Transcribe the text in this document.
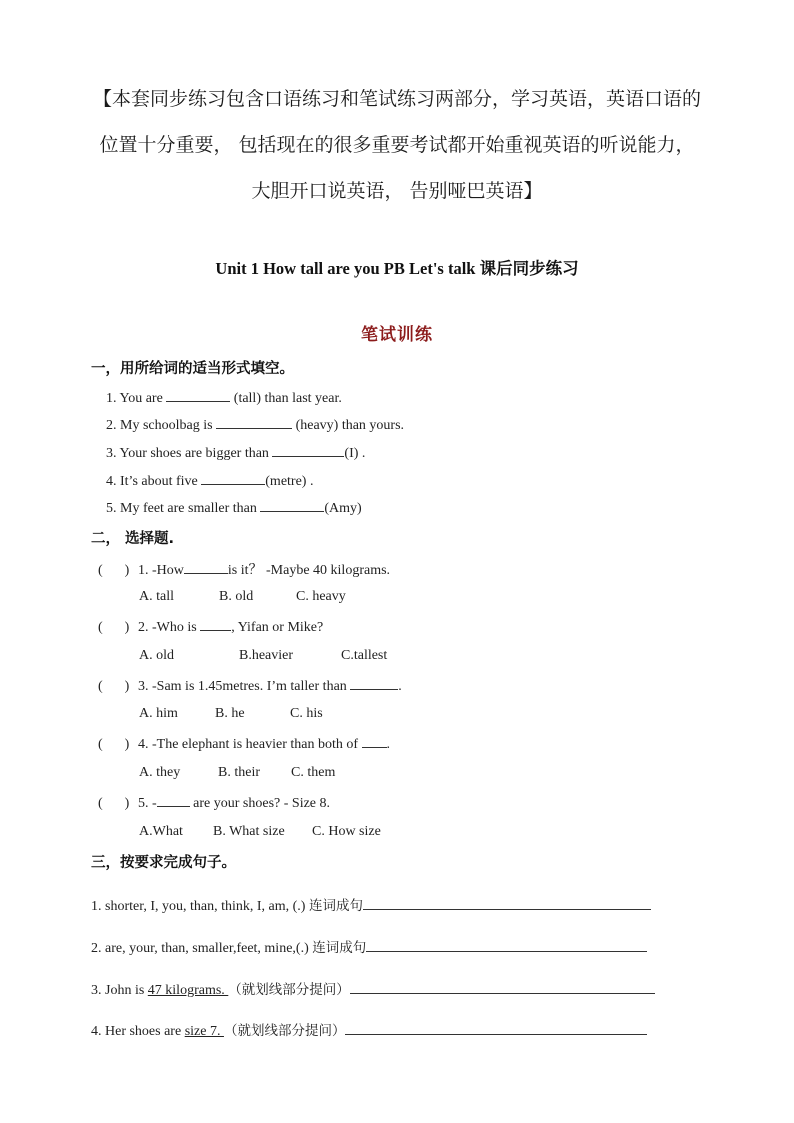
【本套同步练习包含口语练习和笔试练习两部分，学习英语，英语口语的
位置十分重要， 包括现在的很多重要考试都开始重视英语的听说能力，
大胆开口说英语， 告别哑巴英语】
Unit 1 How tall are you PB Let's talk 课后同步练习
笔试训练
一，用所给词的适当形式填空。
1. You are	(tall) than last year.
2. My schoolbag is	(heavy) than yours.
3. Your shoes are bigger than	(I) .
4. It’s about five	(metre) .
5. My feet are smaller than	(Amy)
二， 选择题.
( ) 1. -How	is it？ -Maybe 40 kilograms.
A. tall	B. old	C. heavy
( ) 2. -Who is , Yifan or Mike?
A. old	B.heavier	C.tallest
( ) 3. -Sam is 1.45metres. I’m taller than	.
A. him	B. he	C. his
( ) 4. -The elephant is heavier than both of .
A. they	B. their C. them
( ) 5. - are your shoes? - Size 8.
A.What B. What size C. How size
三，按要求完成句子。
1. shorter, I, you, than, think, I, am, (.) 连词成句
2. are, your, than, smaller,feet, mine,(.) 连词成句
3. John is 47 kilograms. （就划线部分提问）
4. Her shoes are size 7. （就划线部分提问）
